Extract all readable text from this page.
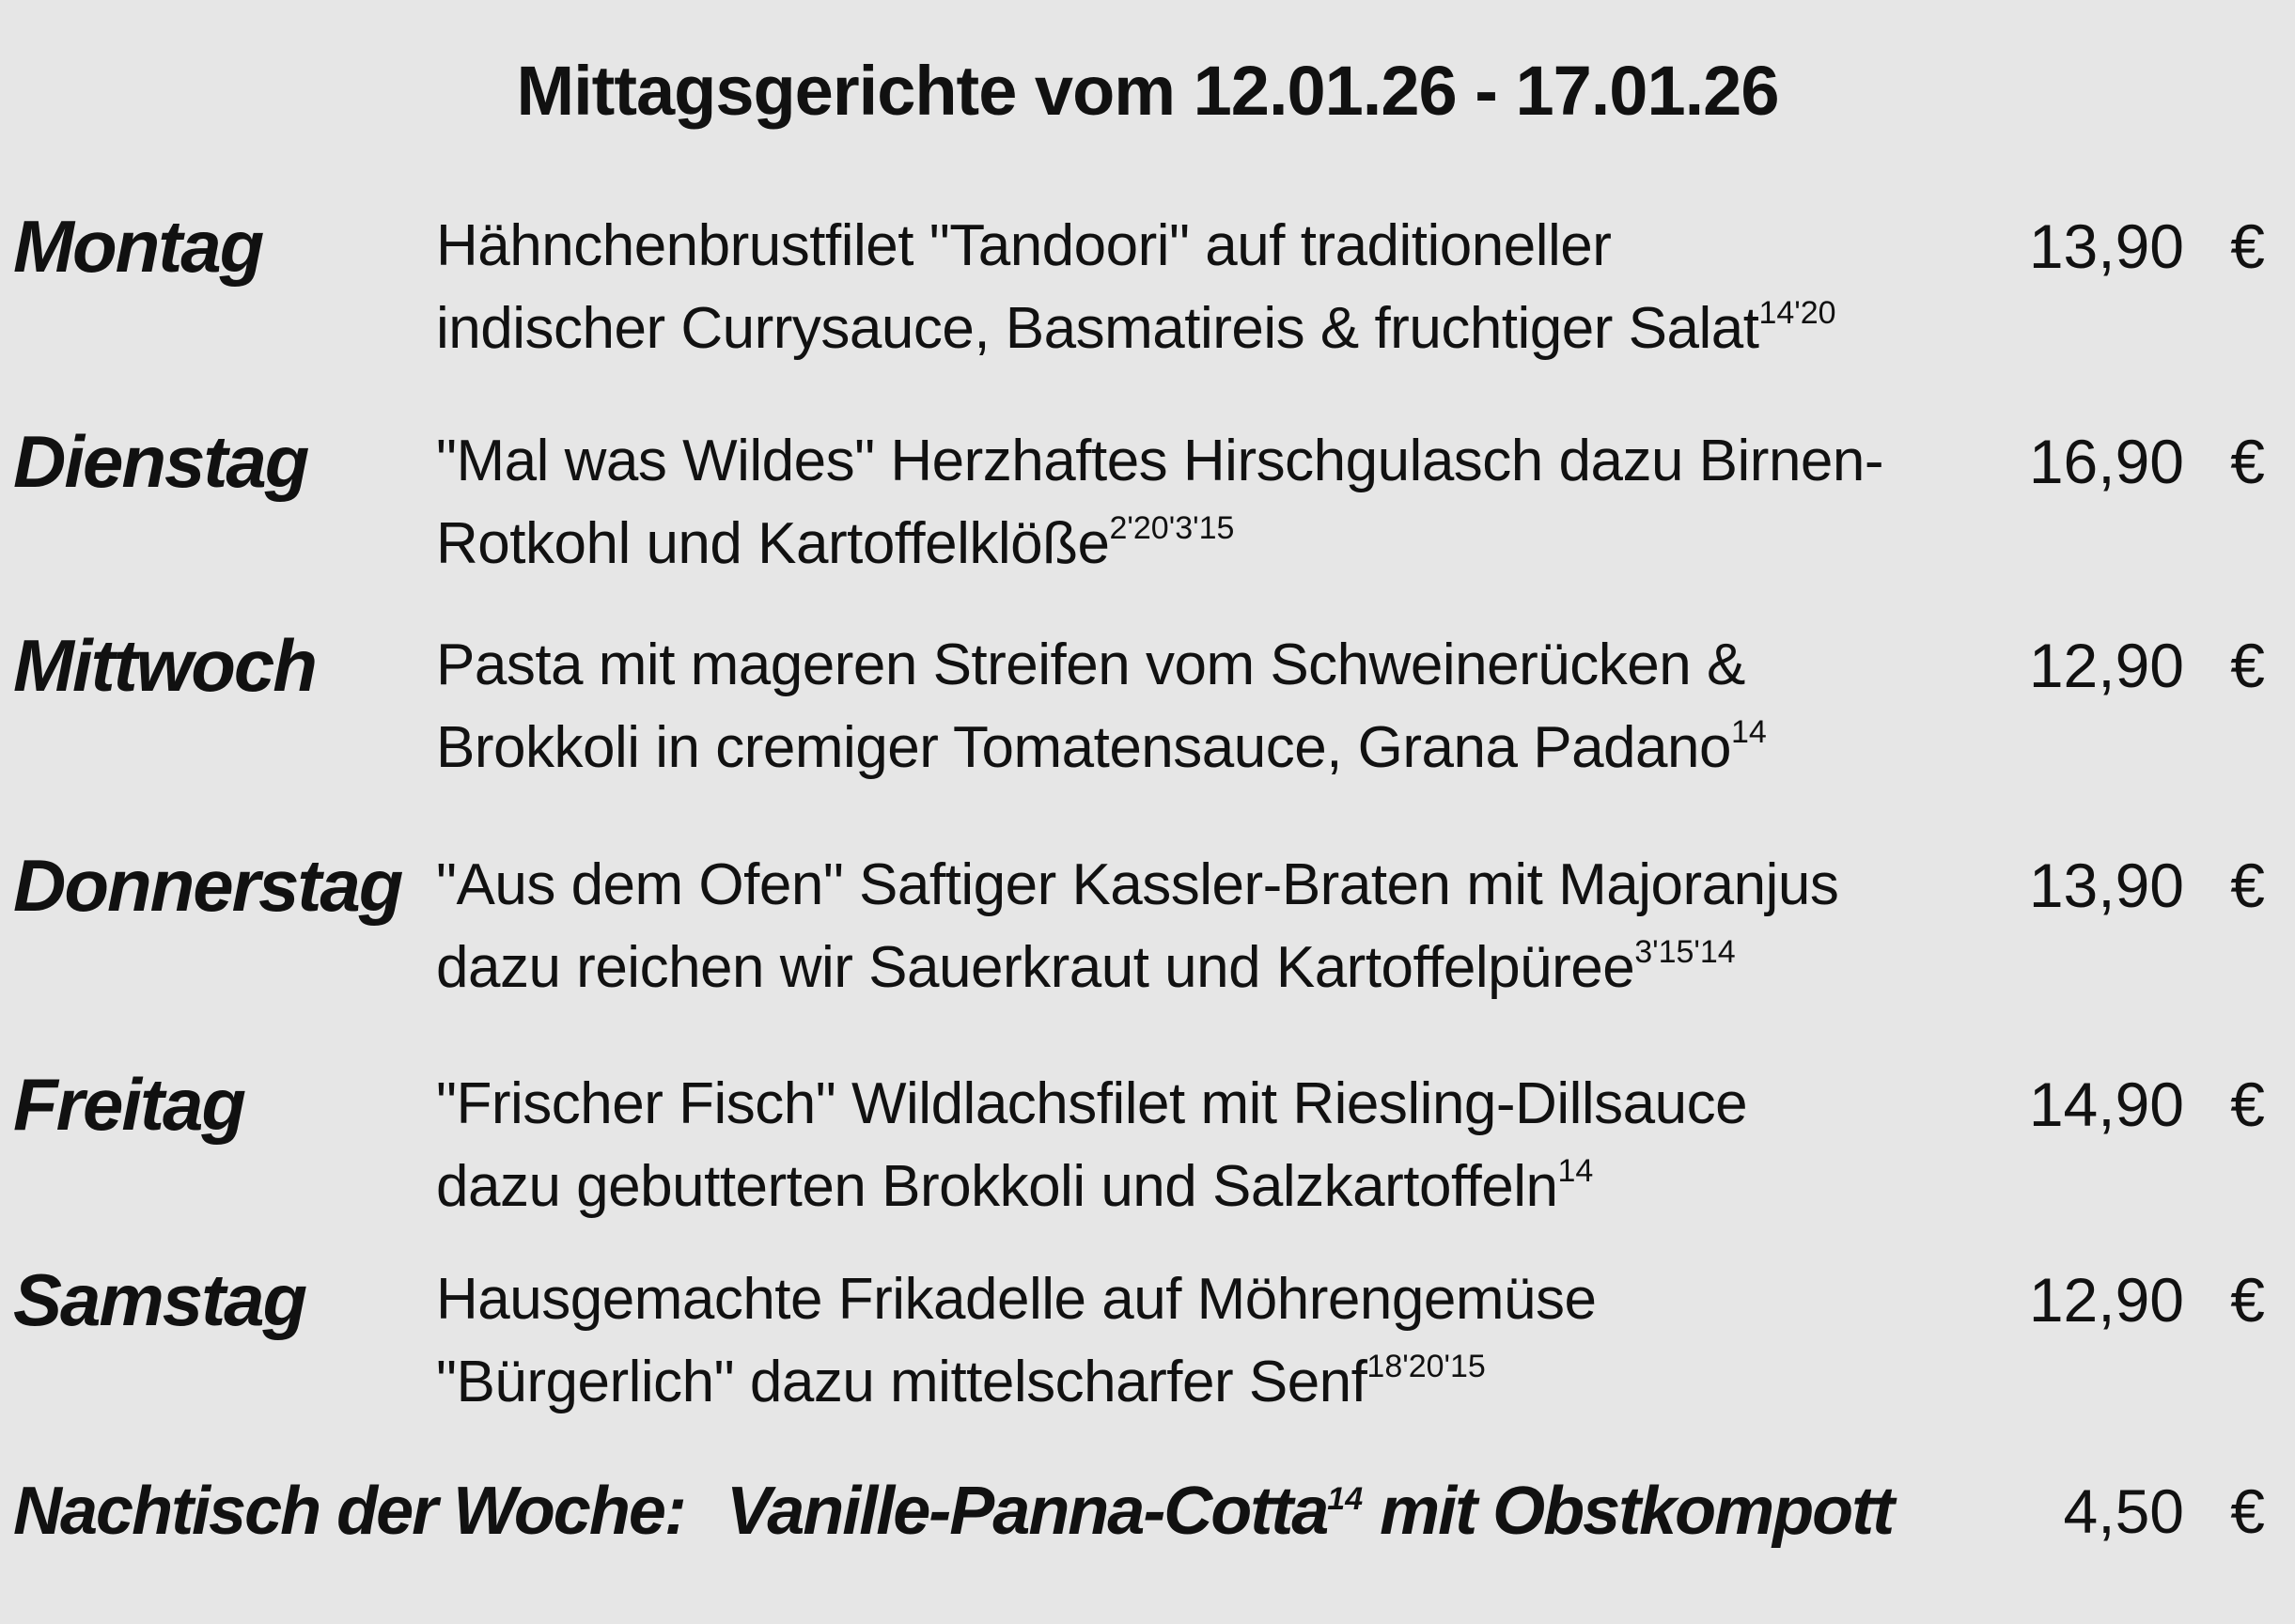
Mittagsgerichte vom 12.01.26 - 17.01.26
Montag	Hähnchenbrustfilet "Tandoori" auf traditioneller
indischer Currysauce, Basmatireis & fruchtiger Salat$^{14'20}$
13,90 €
Dienstag "Mal was Wildes" Herzhaftes Hirschgulasch dazu Birnen-
Rotkohl und Kartoffelklöße$^{2'20'3'15}$
16,90 €
Mittwoch Pasta mit mageren Streifen vom Schweinerücken &
Brokkoli in cremiger Tomatensauce, Grana Padano$^{14}$
12,90 €
Donnerstag "Aus dem Ofen" Saftiger Kassler-Braten mit Majoranjus
dazu reichen wir Sauerkraut und Kartoffelpüree$^{3'15'14}$
13,90 €
Freitag	"Frischer Fisch" Wildlachsfilet mit Riesling-Dillsauce
dazu gebutterten Brokkoli und Salzkartoffeln$^{14}$
14,90 €
Samstag Hausgemachte Frikadelle auf Möhrengemüse
"Bürgerlich" dazu mittelscharfer Senf$^{18'20'15}$
12,90 €
Nachtisch der Woche: Vanille-Panna-Cotta$^{14}$ mit Obstkompott	4,50 €
